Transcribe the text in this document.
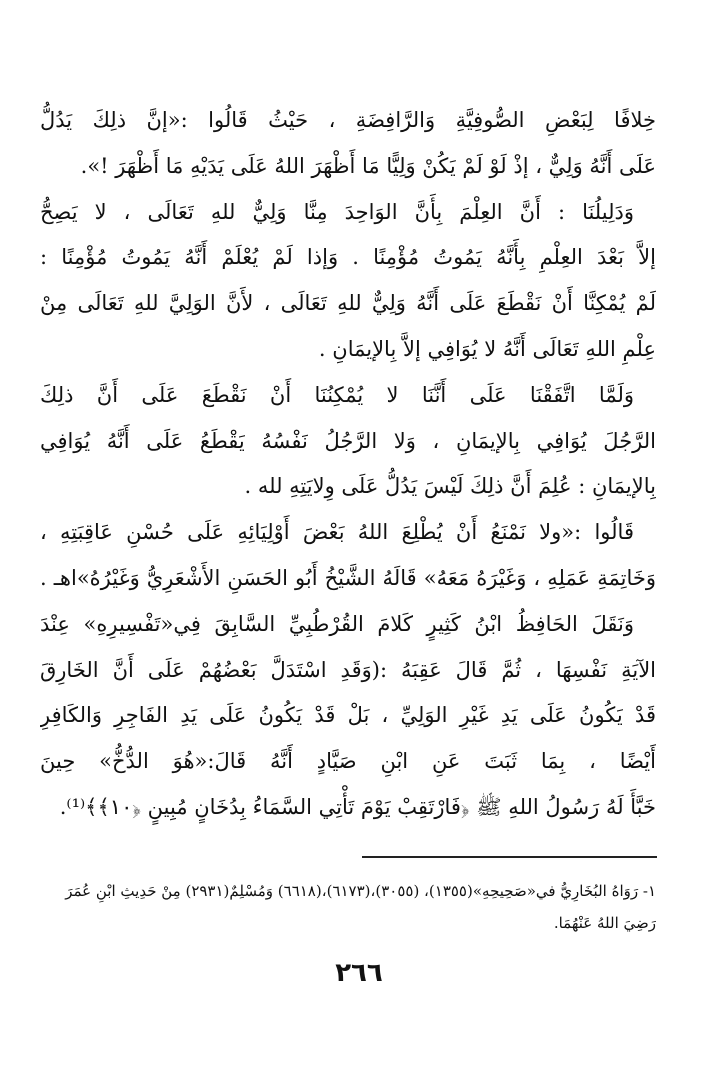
خِلافًا لِبَعْضِ الصُّوفِيَّةِ وَالرَّافِضَةِ ، حَيْثُ قَالُوا :«إنَّ ذلِكَ يَدُلُّ
عَلَى أَنَّهُ وَلِيٌّ ، إذْ لَوْ لَمْ يَكُنْ وَلِيًّا مَا أَظْهَرَ اللهُ عَلَى يَدَيْهِ مَا أَظْهَرَ !».
وَدَلِيلُنَا : أَنَّ العِلْمَ بِأَنَّ الوَاحِدَ مِنَّا وَلِيٌّ للهِ تَعَالَى ، لا يَصِحُّ
إلاَّ بَعْدَ العِلْمِ بِأَنَّهُ يَمُوتُ مُؤْمِنًا . وَإذا لَمْ يُعْلَمْ أَنَّهُ يَمُوتُ مُؤْمِنًا :
لَمْ يُمْكِنَّا أَنْ نَقْطَعَ عَلَى أَنَّهُ وَلِيٌّ للهِ تَعَالَى ، لأَنَّ الوَلِيَّ للهِ تَعَالَى مِنْ
عِلْمِ اللهِ تَعَالَى أَنَّهُ لا يُوَافِي إلاَّ بِالإيمَانِ .
وَلَمَّا اتَّفَقْنَا عَلَى أَنَّنَا لا يُمْكِنُنَا أَنْ نَقْطَعَ عَلَى أَنَّ ذلِكَ
الرَّجُلَ يُوَافِي بِالإيمَانِ ، وَلا الرَّجُلُ نَفْسُهُ يَقْطَعُ عَلَى أَنَّهُ يُوَافِي
بِالإيمَانِ : عُلِمَ أَنَّ ذلِكَ لَيْسَ يَدُلُّ عَلَى وِلايَتِهِ لله .
قَالُوا :«ولا نَمْنَعُ أَنْ يُطْلِعَ اللهُ بَعْضَ أَوْلِيَائِهِ عَلَى حُسْنِ عَاقِبَتِهِ ،
وَخَاتِمَةِ عَمَلِهِ ، وَغَيْرَهُ مَعَهُ» قَالَهُ الشَّيْخُ أَبُو الحَسَنِ الأَشْعَرِيُّ وَغَيْرُهُ»اهـ .
وَنَقَلَ الحَافِظُ ابْنُ كَثِيرٍ كَلامَ القُرْطُبِيِّ السَّابِقَ فِي«تَفْسِيرِهِ» عِنْدَ
الآيَةِ نَفْسِهَا ، ثُمَّ قَالَ عَقِبَهُ :(وَقَدِ اسْتَدَلَّ بَعْضُهُمْ عَلَى أَنَّ الخَارِقَ
قَدْ يَكُونُ عَلَى يَدِ غَيْرِ الوَلِيِّ ، بَلْ قَدْ يَكُونُ عَلَى يَدِ الفَاجِرِ وَالكَافِرِ
أَيْضًا ، بِمَا ثَبَتَ عَنِ ابْنِ صَيَّادٍ أَنَّهُ قَالَ:«هُوَ الدُّخُّ» حِينَ
خَبَّأَ لَهُ رَسُولُ اللهِ ﷺ ﴿فَارْتَقِبْ يَوْمَ تَأْتِي السَّمَاءُ بِدُخَانٍ مُبِينٍ ﴿١٠﴾﴾⁽¹⁾.
١- رَوَاهُ البُخَارِيُّ في«صَحِيحِهِ»(١٣٥٥)، (٣٠٥٥)،(٦١٧٣)،(٦٦١٨) وَمُسْلِمٌ(٢٩٣١) مِنْ حَدِيثِ ابْنِ عُمَرَ
رَضِيَ اللهُ عَنْهُمَا.
٢٦٦
